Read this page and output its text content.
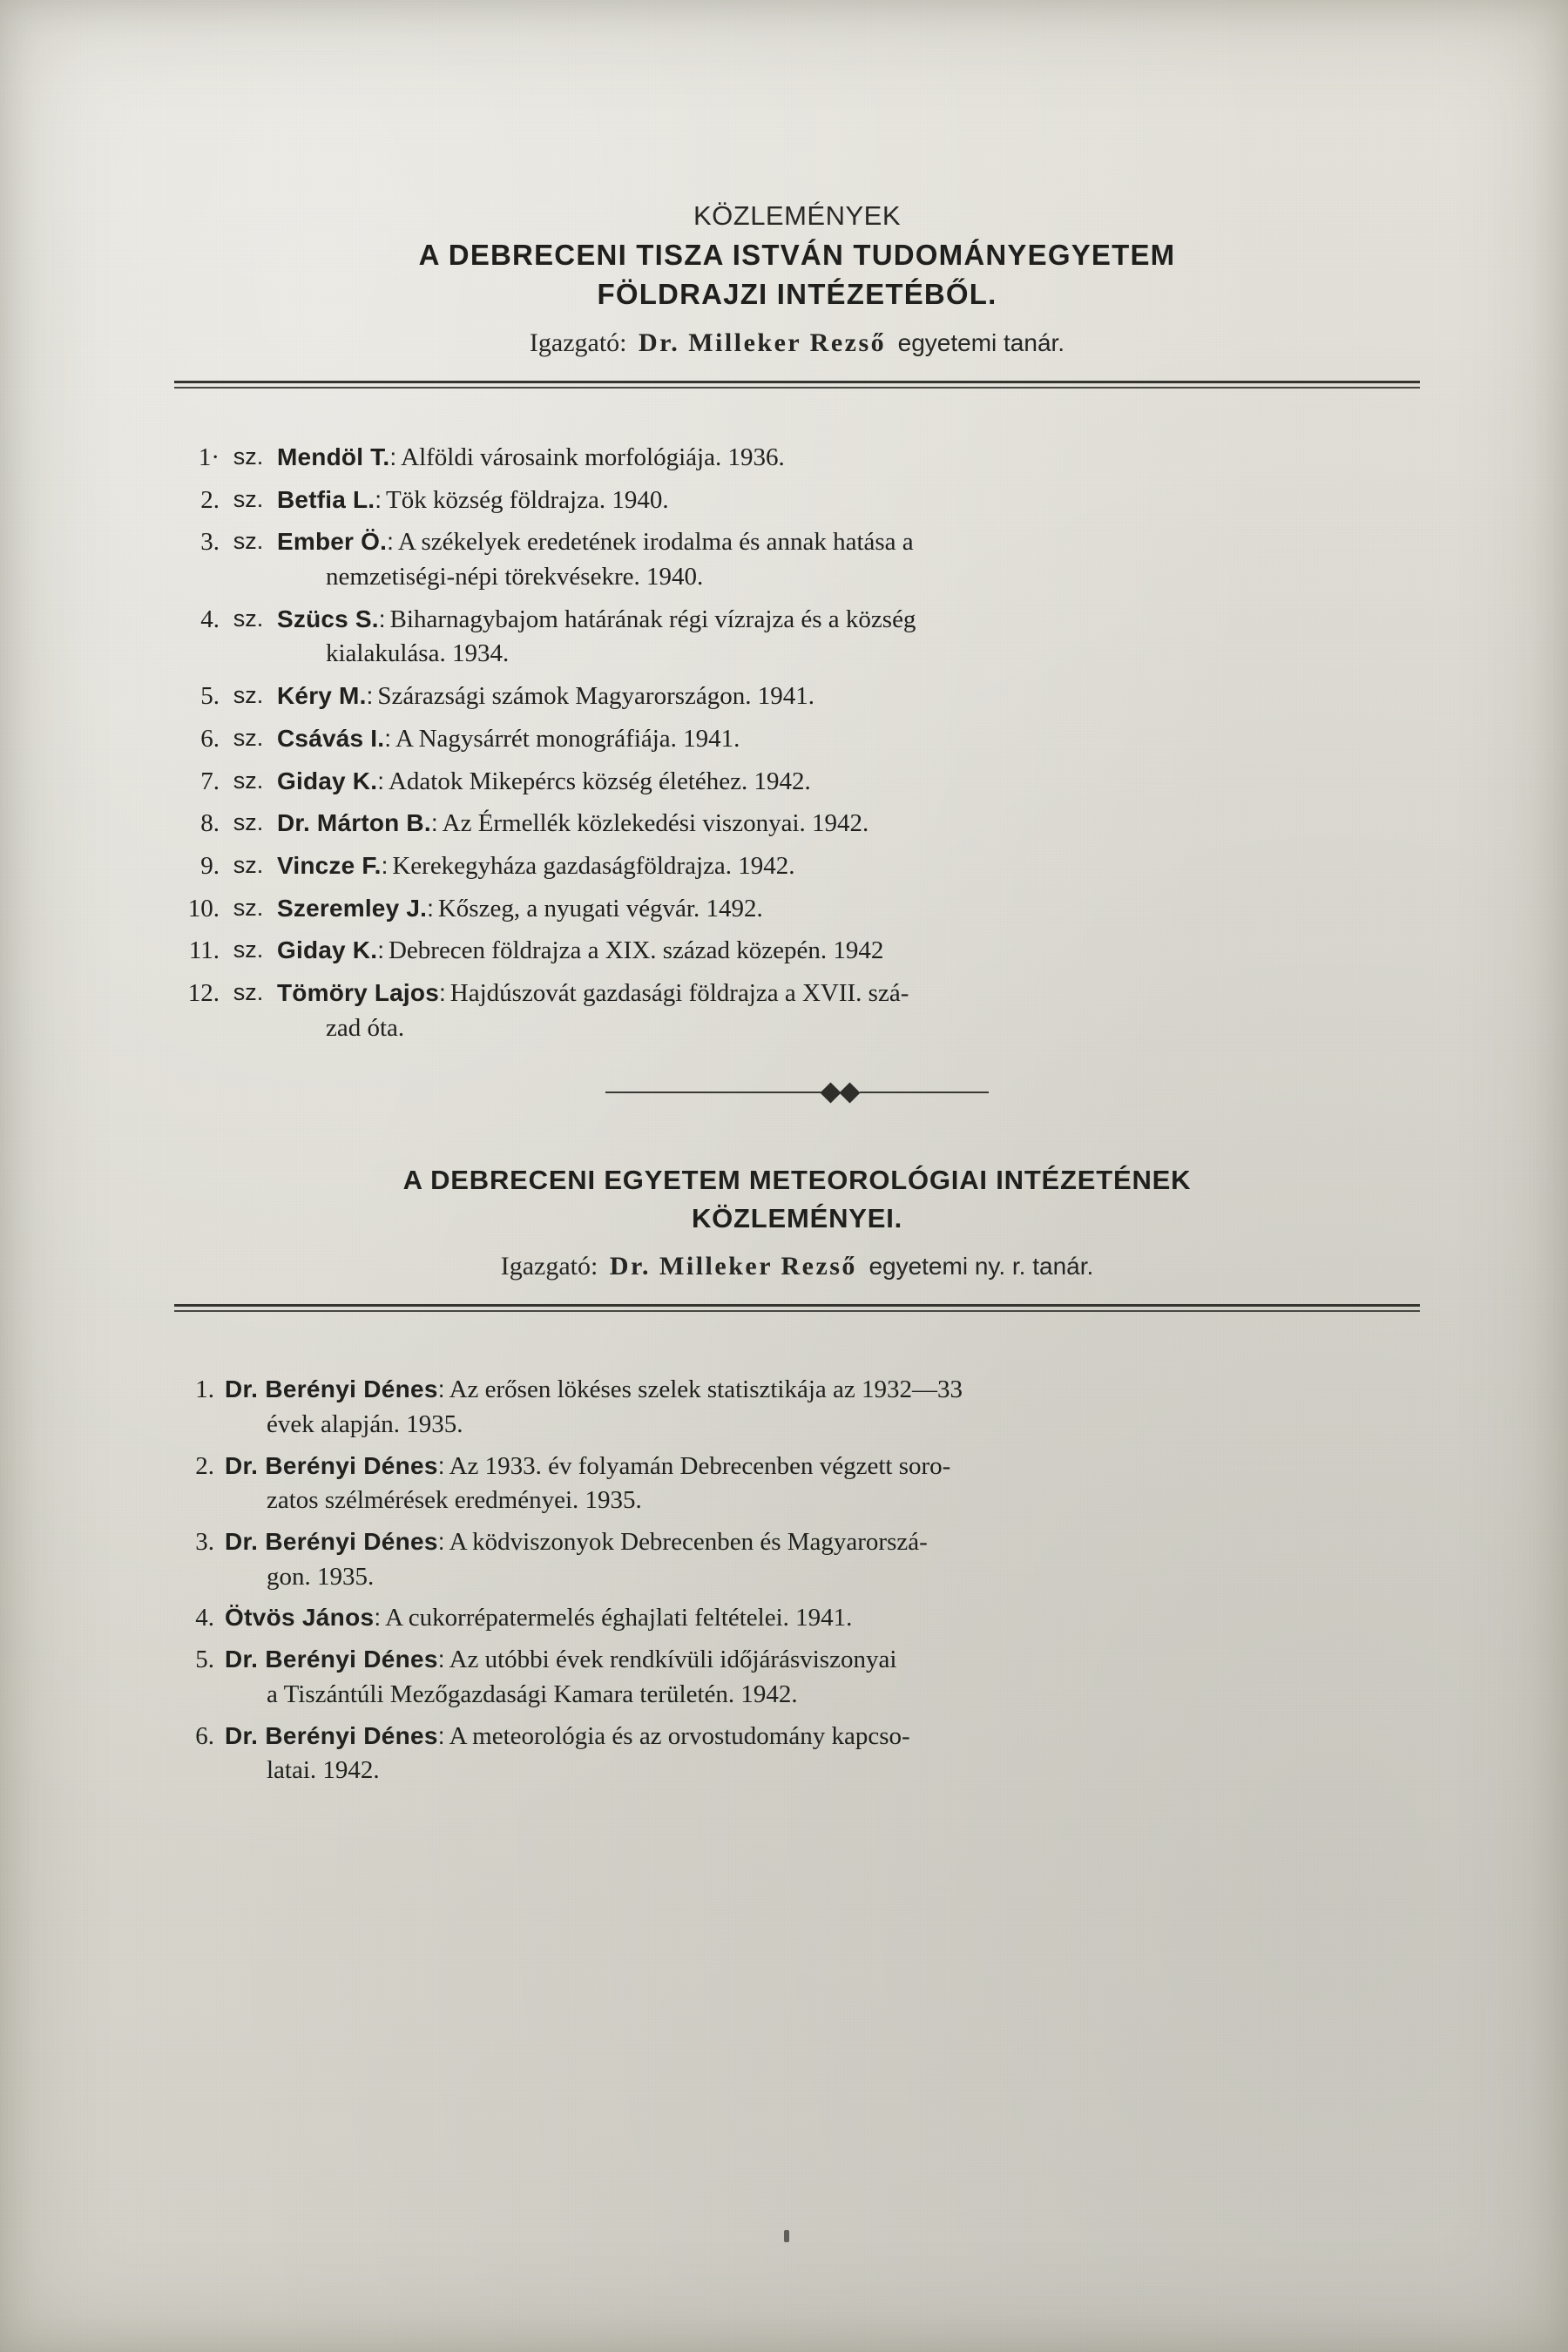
KÖZLEMÉNYEK
A DEBRECENI TISZA ISTVÁN TUDOMÁNYEGYETEM
FÖLDRAJZI INTÉZETÉBŐL.
Igazgató: Dr. Milleker Rezső egyetemi tanár.
1· sz. Mendöl T.: Alföldi városaink morfológiája. 1936.
2. sz. Betfia L.: Tök község földrajza. 1940.
3. sz. Ember Ö.: A székelyek eredetének irodalma és annak hatása a
nemzetiségi-népi törekvésekre. 1940.
4. sz. Szücs S.: Biharnagybajom határának régi vízrajza és a község
kialakulása. 1934.
5. sz. Kéry M.: Szárazsági számok Magyarországon. 1941.
6. sz. Csávás I.: A Nagysárrét monográfiája. 1941.
7. sz. Giday K.: Adatok Mikepércs község életéhez. 1942.
8. sz. Dr. Márton B.: Az Érmellék közlekedési viszonyai. 1942.
9. sz. Vincze F.: Kerekegyháza gazdaságföldrajza. 1942.
10. sz. Szeremley J.: Kőszeg, a nyugati végvár. 1492.
11. sz. Giday K.: Debrecen földrajza a XIX. század közepén. 1942
12. sz. Tömöry Lajos: Hajdúszovát gazdasági földrajza a XVII. szá-
zad óta.
A DEBRECENI EGYETEM METEOROLÓGIAI INTÉZETÉNEK
KÖZLEMÉNYEI.
Igazgató: Dr. Milleker Rezső egyetemi ny. r. tanár.
1. Dr. Berényi Dénes: Az erősen lökéses szelek statisztikája az 1932—33
évek alapján. 1935.
2. Dr. Berényi Dénes: Az 1933. év folyamán Debrecenben végzett soro-
zatos szélmérések eredményei. 1935.
3. Dr. Berényi Dénes: A ködviszonyok Debrecenben és Magyarorszá-
gon. 1935.
4. Ötvös János: A cukorrépatermelés éghajlati feltételei. 1941.
5. Dr. Berényi Dénes: Az utóbbi évek rendkívüli időjárásviszonyai
a Tiszántúli Mezőgazdasági Kamara területén. 1942.
6. Dr. Berényi Dénes: A meteorológia és az orvostudomány kapcso-
latai. 1942.
